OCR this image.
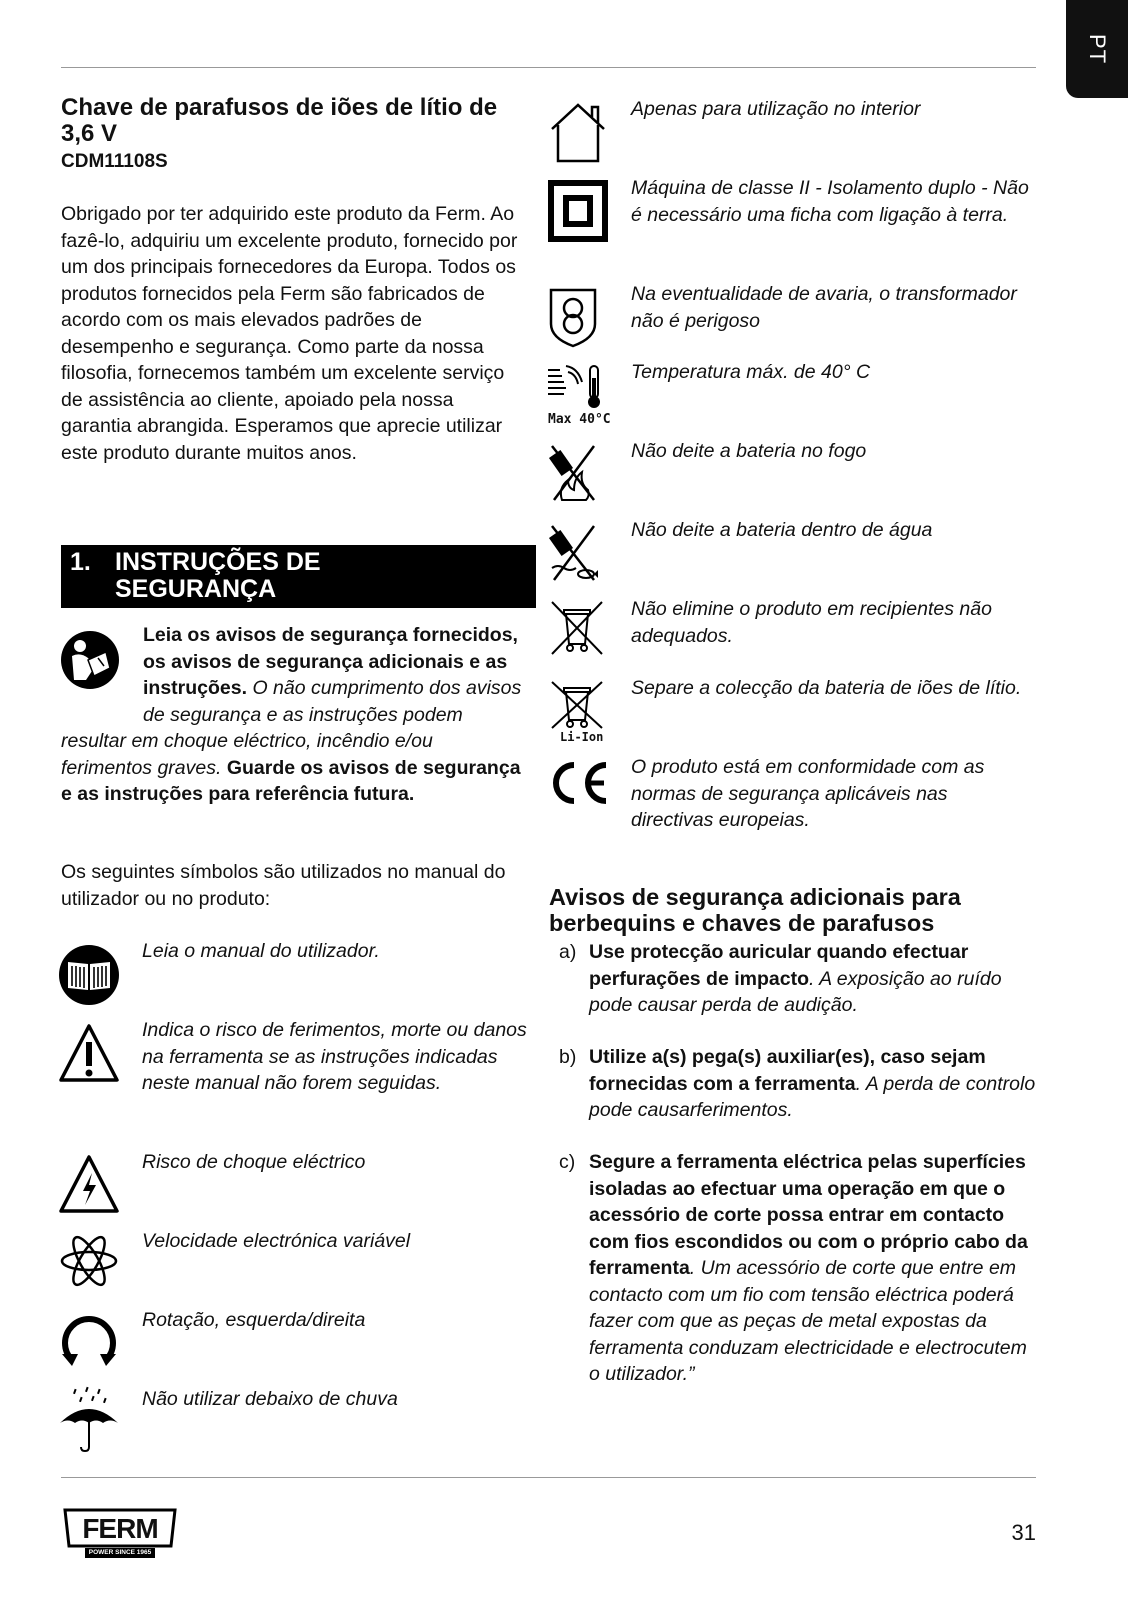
PT
Chave de parafusos de iões de lítio de 3,6 V
CDM11108S
Obrigado por ter adquirido este produto da Ferm. Ao fazê-lo, adquiriu um excelente produto, fornecido por um dos principais fornecedores da Europa. Todos os produtos fornecidos pela Ferm são fabricados de acordo com os mais elevados padrões de desempenho e segurança. Como parte da nossa filosofia, fornecemos também um excelente serviço de assistência ao cliente, apoiado pela nossa garantia abrangida. Esperamos que aprecie utilizar este produto durante muitos anos.
1. INSTRUÇÕES DE
SEGURANÇA
Leia os avisos de segurança fornecidos, os avisos de segurança adicionais e as instruções. O não cumprimento dos avisos de segurança e as instruções podem resultar em choque eléctrico, incêndio e/ou ferimentos graves. Guarde os avisos de segurança e as instruções para referência futura.
Os seguintes símbolos são utilizados no manual do utilizador ou no produto:
Leia o manual do utilizador.
Indica o risco de ferimentos, morte ou danos na ferramenta se as instruções indicadas neste manual não forem seguidas.
Risco de choque eléctrico
Velocidade electrónica variável
Rotação, esquerda/direita
Não utilizar debaixo de chuva
Apenas para utilização no interior
Máquina de classe II - Isolamento duplo - Não é necessário uma ficha com ligação à terra.
Na eventualidade de avaria, o transformador não é perigoso
Max 40°C
Temperatura máx. de 40° C
Não deite a bateria no fogo
Não deite a bateria dentro de água
Não elimine o produto em recipientes não adequados.
Li-Ion
Separe a colecção da bateria de iões de lítio.
O produto está em conformidade com as normas de segurança aplicáveis nas directivas europeias.
Avisos de segurança adicionais para berbequins e chaves de parafusos
a) Use protecção auricular quando efectuar perfurações de impacto. A exposição ao ruído pode causar perda de audição.
b) Utilize a(s) pega(s) auxiliar(es), caso sejam fornecidas com a ferramenta. A perda de controlo pode causarferimentos.
c) Segure a ferramenta eléctrica pelas superfícies isoladas ao efectuar uma operação em que o acessório de corte possa entrar em contacto com fios escondidos ou com o próprio cabo da ferramenta. Um acessório de corte que entre em contacto com um fio com tensão eléctrica poderá fazer com que as peças de metal expostas da ferramenta conduzam electricidade e electrocutem o utilizador.”
FERM
POWER SINCE 1965
31
